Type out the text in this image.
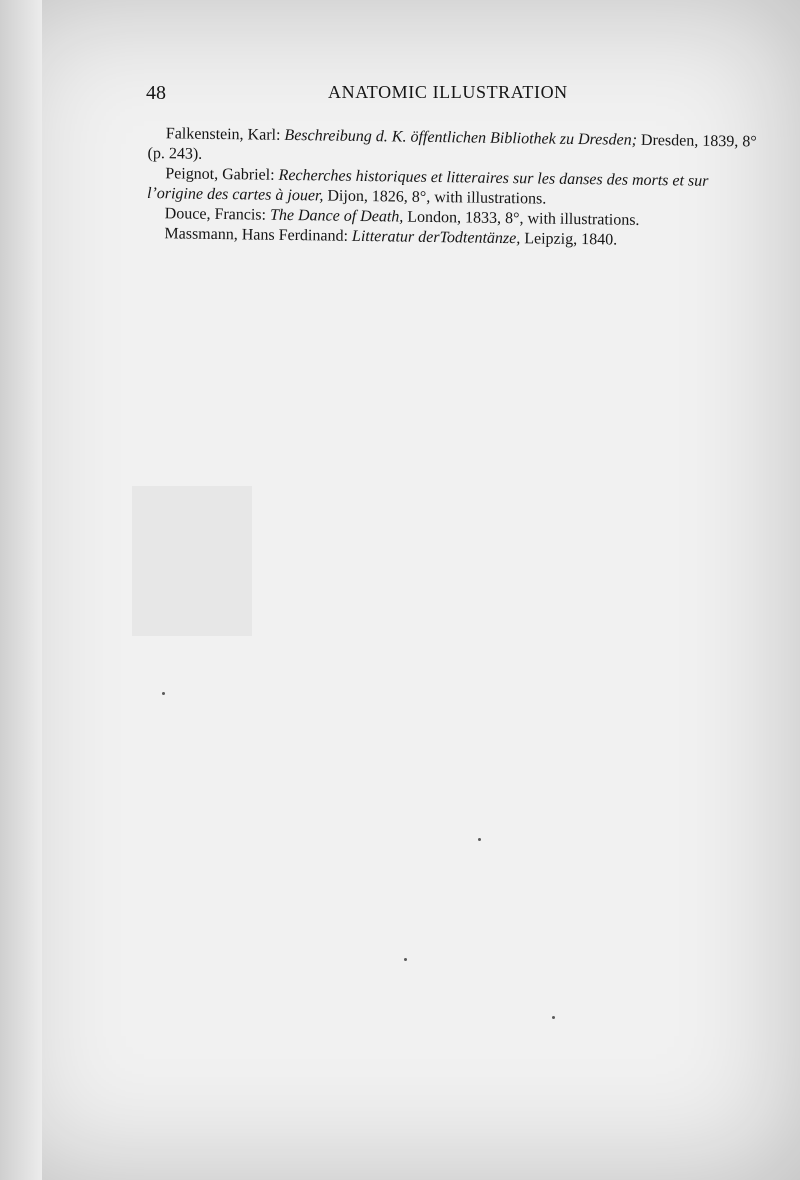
48	ANATOMIC ILLUSTRATION

Falkenstein, Karl: Beschreibung d. K. öffentlichen Bibliothek zu Dresden; Dresden, 1839, 8° (p. 243).

Peignot, Gabriel: Recherches historiques et litteraires sur les danses des morts et sur l’origine des cartes à jouer, Dijon, 1826, 8°, with illustrations.

Douce, Francis: The Dance of Death, London, 1833, 8°, with illustrations.

Massmann, Hans Ferdinand: Litteratur derTodtentänze, Leipzig, 1840.
